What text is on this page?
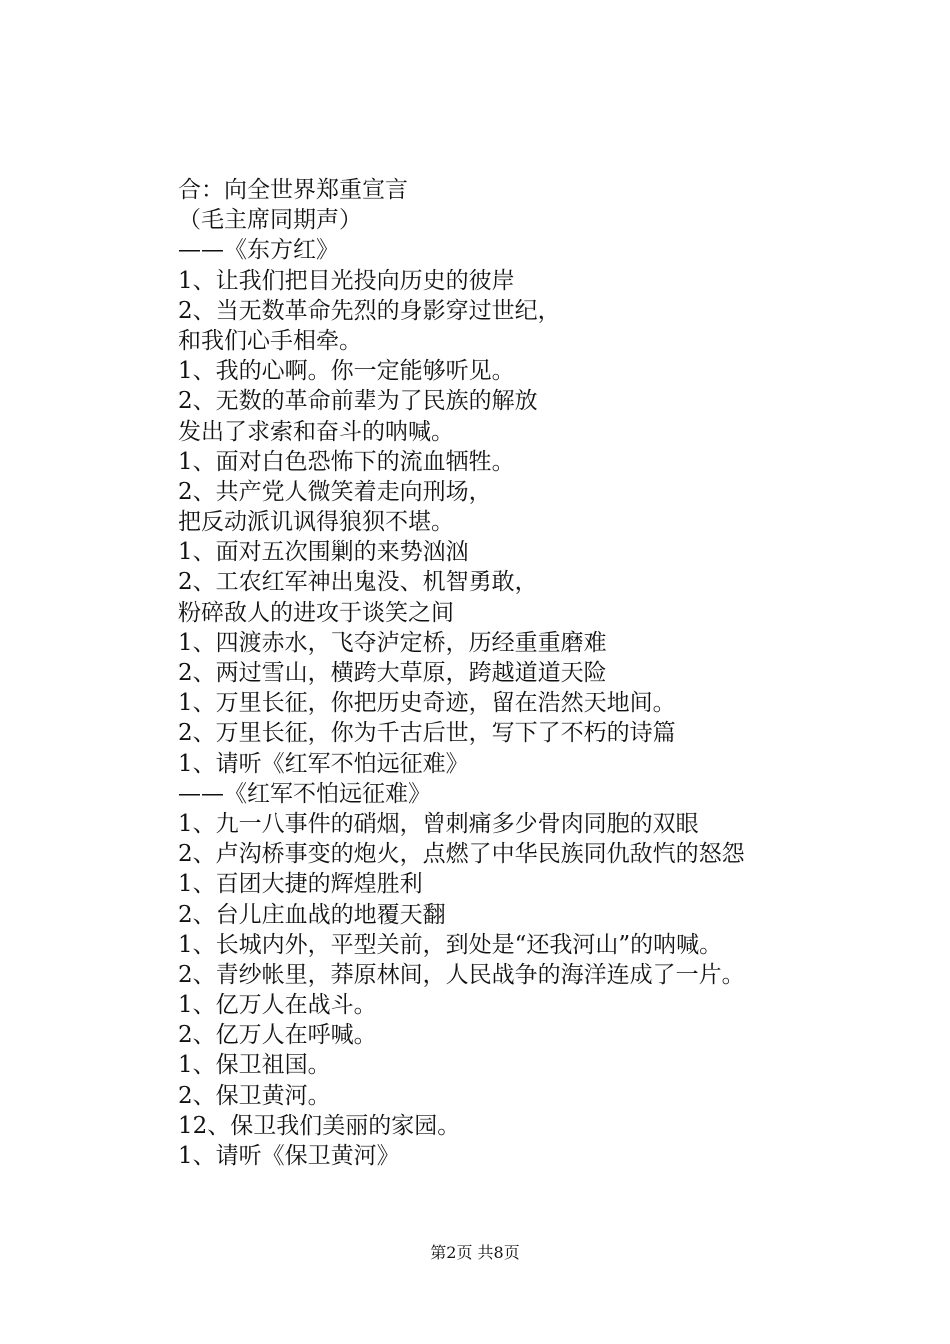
合：向全世界郑重宣言
（毛主席同期声）
——《东方红》
1、让我们把目光投向历史的彼岸
2、当无数革命先烈的身影穿过世纪，
和我们心手相牵。
1、我的心啊。你一定能够听见。
2、无数的革命前辈为了民族的解放
发出了求索和奋斗的呐喊。
1、面对白色恐怖下的流血牺牲。
2、共产党人微笑着走向刑场，
把反动派讥讽得狼狈不堪。
1、面对五次围剿的来势汹汹
2、工农红军神出鬼没、机智勇敢，
粉碎敌人的进攻于谈笑之间
1、四渡赤水，飞夺泸定桥，历经重重磨难
2、两过雪山，横跨大草原，跨越道道天险
1、万里长征，你把历史奇迹，留在浩然天地间。
2、万里长征，你为千古后世，写下了不朽的诗篇
1、请听《红军不怕远征难》
——《红军不怕远征难》
1、九一八事件的硝烟，曾刺痛多少骨肉同胞的双眼
2、卢沟桥事变的炮火，点燃了中华民族同仇敌忾的怒怨
1、百团大捷的辉煌胜利
2、台儿庄血战的地覆天翻
1、长城内外，平型关前，到处是“还我河山”的呐喊。
2、青纱帐里，莽原林间，人民战争的海洋连成了一片。
1、亿万人在战斗。
2、亿万人在呼喊。
1、保卫祖国。
2、保卫黄河。
12、保卫我们美丽的家园。
1、请听《保卫黄河》
第2页 共8页
